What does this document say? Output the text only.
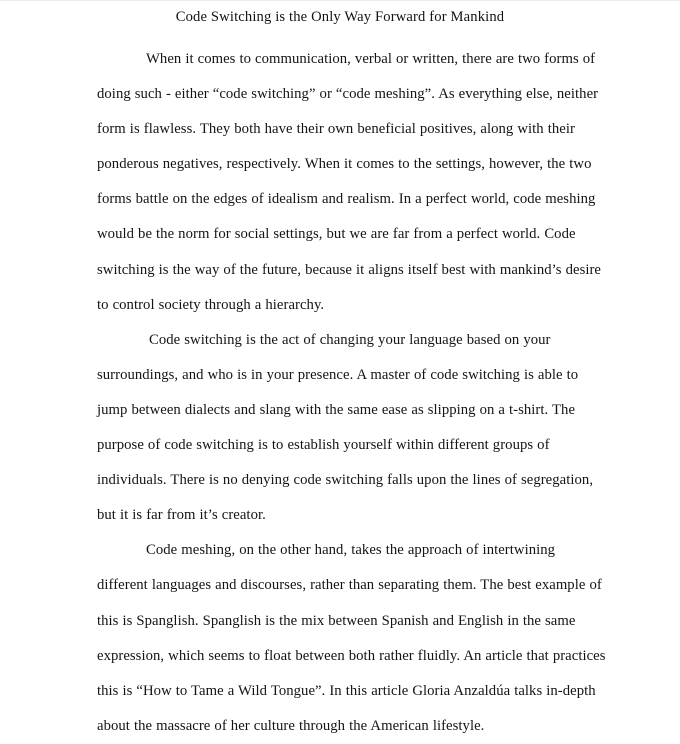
Code Switching is the Only Way Forward for Mankind

When it comes to communication, verbal or written, there are two forms of doing such - either “code switching” or “code meshing”. As everything else, neither form is flawless. They both have their own beneficial positives, along with their ponderous negatives, respectively. When it comes to the settings, however, the two forms battle on the edges of idealism and realism. In a perfect world, code meshing would be the norm for social settings, but we are far from a perfect world. Code switching is the way of the future, because it aligns itself best with mankind’s desire to control society through a hierarchy.

Code switching is the act of changing your language based on your surroundings, and who is in your presence. A master of code switching is able to jump between dialects and slang with the same ease as slipping on a t-shirt. The purpose of code switching is to establish yourself within different groups of individuals. There is no denying code switching falls upon the lines of segregation, but it is far from it’s creator.

Code meshing, on the other hand, takes the approach of intertwining different languages and discourses, rather than separating them. The best example of this is Spanglish. Spanglish is the mix between Spanish and English in the same expression, which seems to float between both rather fluidly. An article that practices this is “How to Tame a Wild Tongue”. In this article Gloria Anzaldúa talks in-depth about the massacre of her culture through the American lifestyle.
